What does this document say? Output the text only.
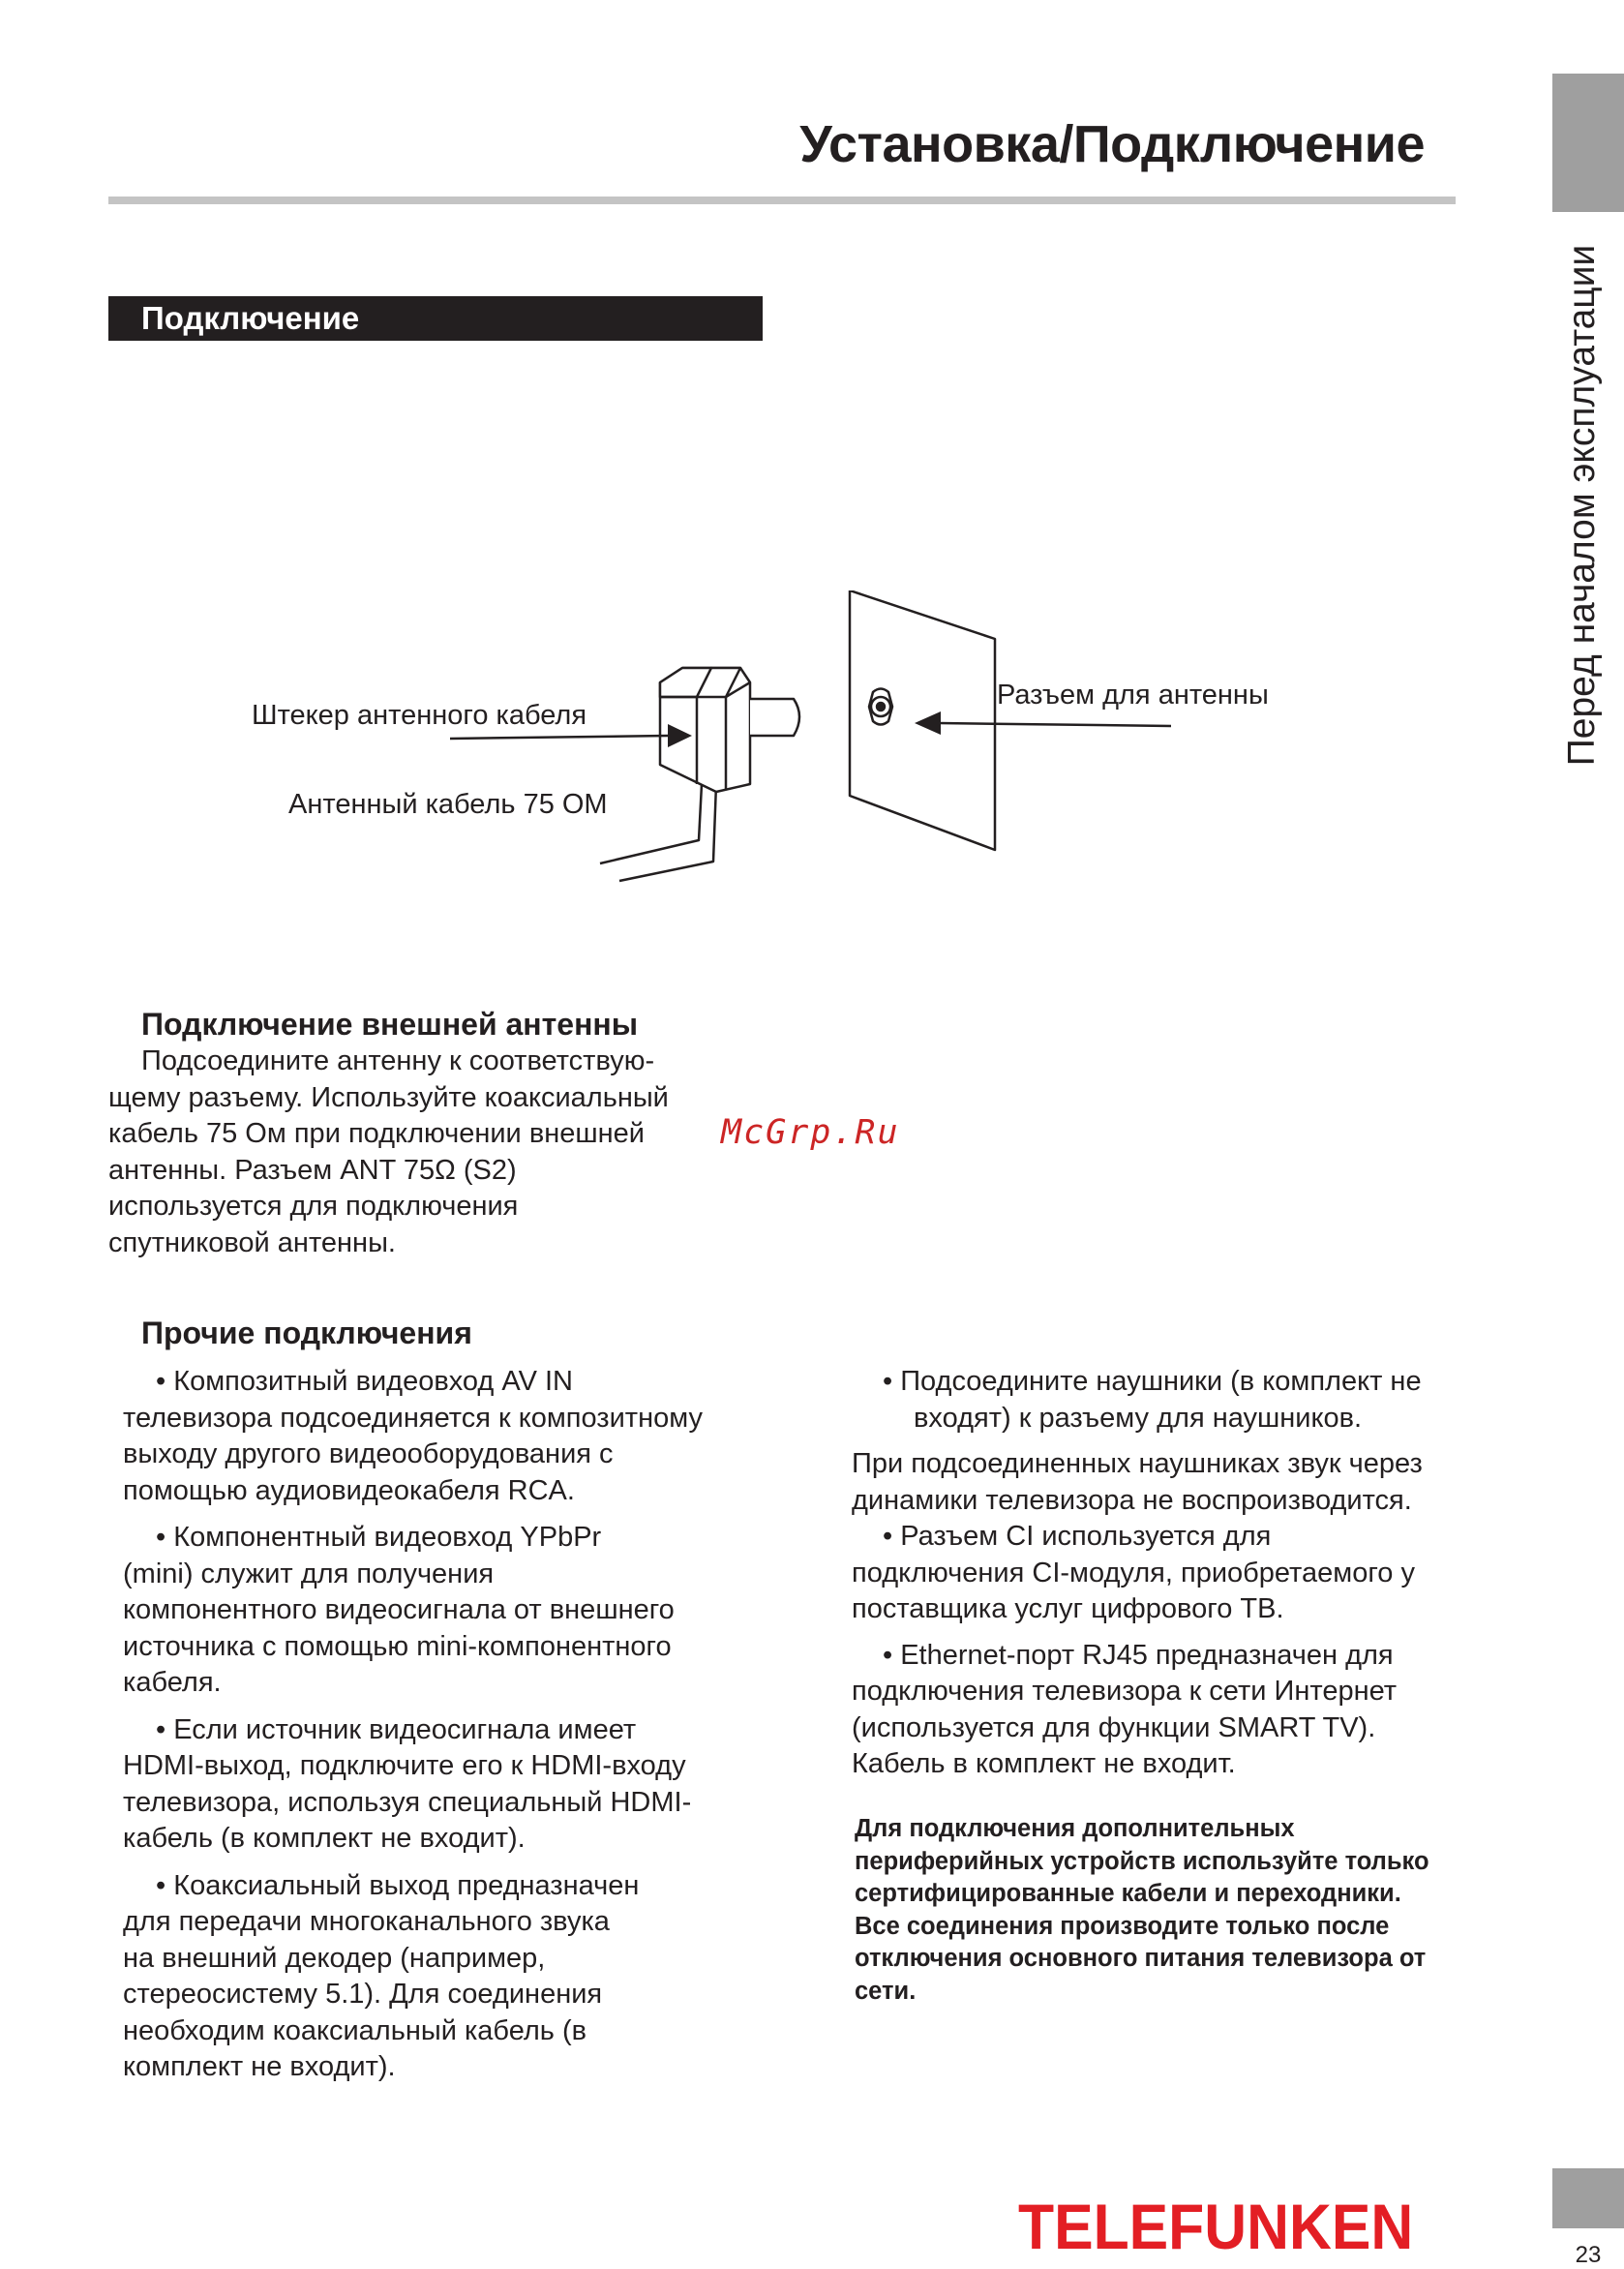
Установка/Подключение
Перед началом эксплуатации
Подключение
Штекер антенного кабеля
Антенный кабель 75 ОМ
Разъем для антенны
Подключение внешней антенны
Подсоедините антенну к соответствую-
щему разъему. Используйте коаксиальный
кабель 75 Ом при подключении внешней
антенны. Разъем ANT 75Ω (S2)
используется для подключения
спутниковой антенны.
McGrp.Ru
Прочие подключения
• Композитный видеовход AV IN
телевизора подсоединяется к композитному
выходу другого видеооборудования с
помощью аудиовидеокабеля RCA.
• Компонентный видеовход YPbPr
(mini) служит для получения
компонентного видеосигнала от внешнего
источника с помощью mini-компонентного
кабеля.
• Если источник видеосигнала имеет
HDMI-выход, подключите его к HDMI-входу
телевизора, используя специальный HDMI-
кабель (в комплект не входит).
• Коаксиальный выход предназначен
для передачи многоканального звука
на внешний декодер (например,
стереосистему 5.1). Для соединения
необходим коаксиальный кабель (в
комплект не входит).
• Подсоедините наушники (в комплект не
входят) к разъему для наушников.
При подсоединенных наушниках звук через
динамики телевизора не воспроизводится.
• Разъем CI используется для
подключения CI-модуля, приобретаемого у
поставщика услуг цифрового ТВ.
• Ethernet-порт RJ45 предназначен для
подключения телевизора к сети Интернет
(используется для функции SMART TV).
Кабель в комплект не входит.
Для подключения дополнительных
периферийных устройств используйте только
сертифицированные кабели и переходники.
Все соединения производите только после
отключения основного питания телевизора от
сети.
TELEFUNKEN	23
